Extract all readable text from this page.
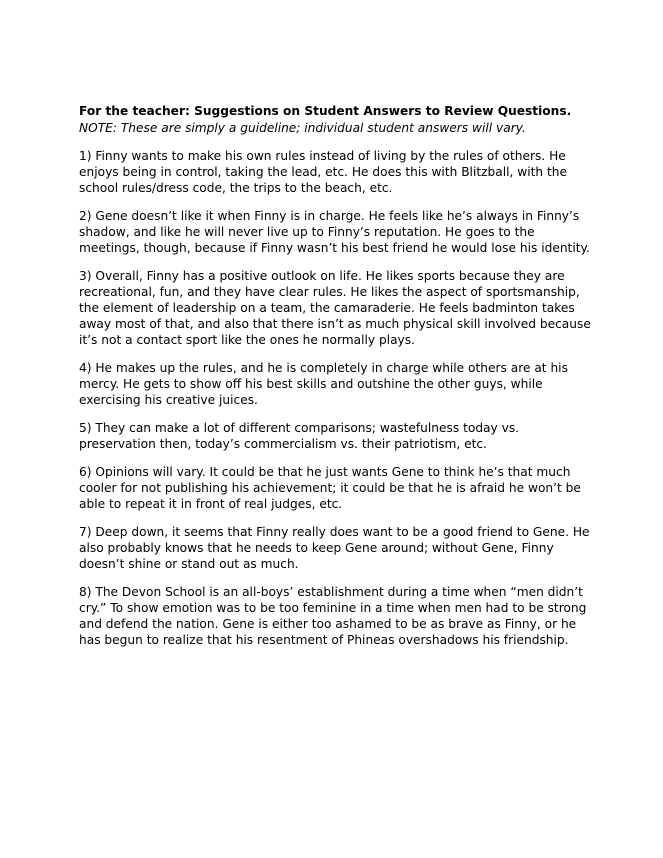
For the teacher: Suggestions on Student Answers to Review Questions.

NOTE: These are simply a guideline; individual student answers will vary.

1) Finny wants to make his own rules instead of living by the rules of others. He
enjoys being in control, taking the lead, etc. He does this with Blitzball, with the
school rules/dress code, the trips to the beach, etc.

2) Gene doesn’t like it when Finny is in charge. He feels like he’s always in Finny’s
shadow, and like he will never live up to Finny’s reputation. He goes to the
meetings, though, because if Finny wasn’t his best friend he would lose his identity.

3) Overall, Finny has a positive outlook on life. He likes sports because they are
recreational, fun, and they have clear rules. He likes the aspect of sportsmanship,
the element of leadership on a team, the camaraderie. He feels badminton takes
away most of that, and also that there isn’t as much physical skill involved because
it’s not a contact sport like the ones he normally plays.

4) He makes up the rules, and he is completely in charge while others are at his
mercy. He gets to show off his best skills and outshine the other guys, while
exercising his creative juices.

5) They can make a lot of different comparisons; wastefulness today vs.
preservation then, today’s commercialism vs. their patriotism, etc.

6) Opinions will vary. It could be that he just wants Gene to think he’s that much
cooler for not publishing his achievement; it could be that he is afraid he won’t be
able to repeat it in front of real judges, etc.

7) Deep down, it seems that Finny really does want to be a good friend to Gene. He
also probably knows that he needs to keep Gene around; without Gene, Finny
doesn’t shine or stand out as much.

8) The Devon School is an all-boys’ establishment during a time when “men didn’t
cry.” To show emotion was to be too feminine in a time when men had to be strong
and defend the nation. Gene is either too ashamed to be as brave as Finny, or he
has begun to realize that his resentment of Phineas overshadows his friendship.
